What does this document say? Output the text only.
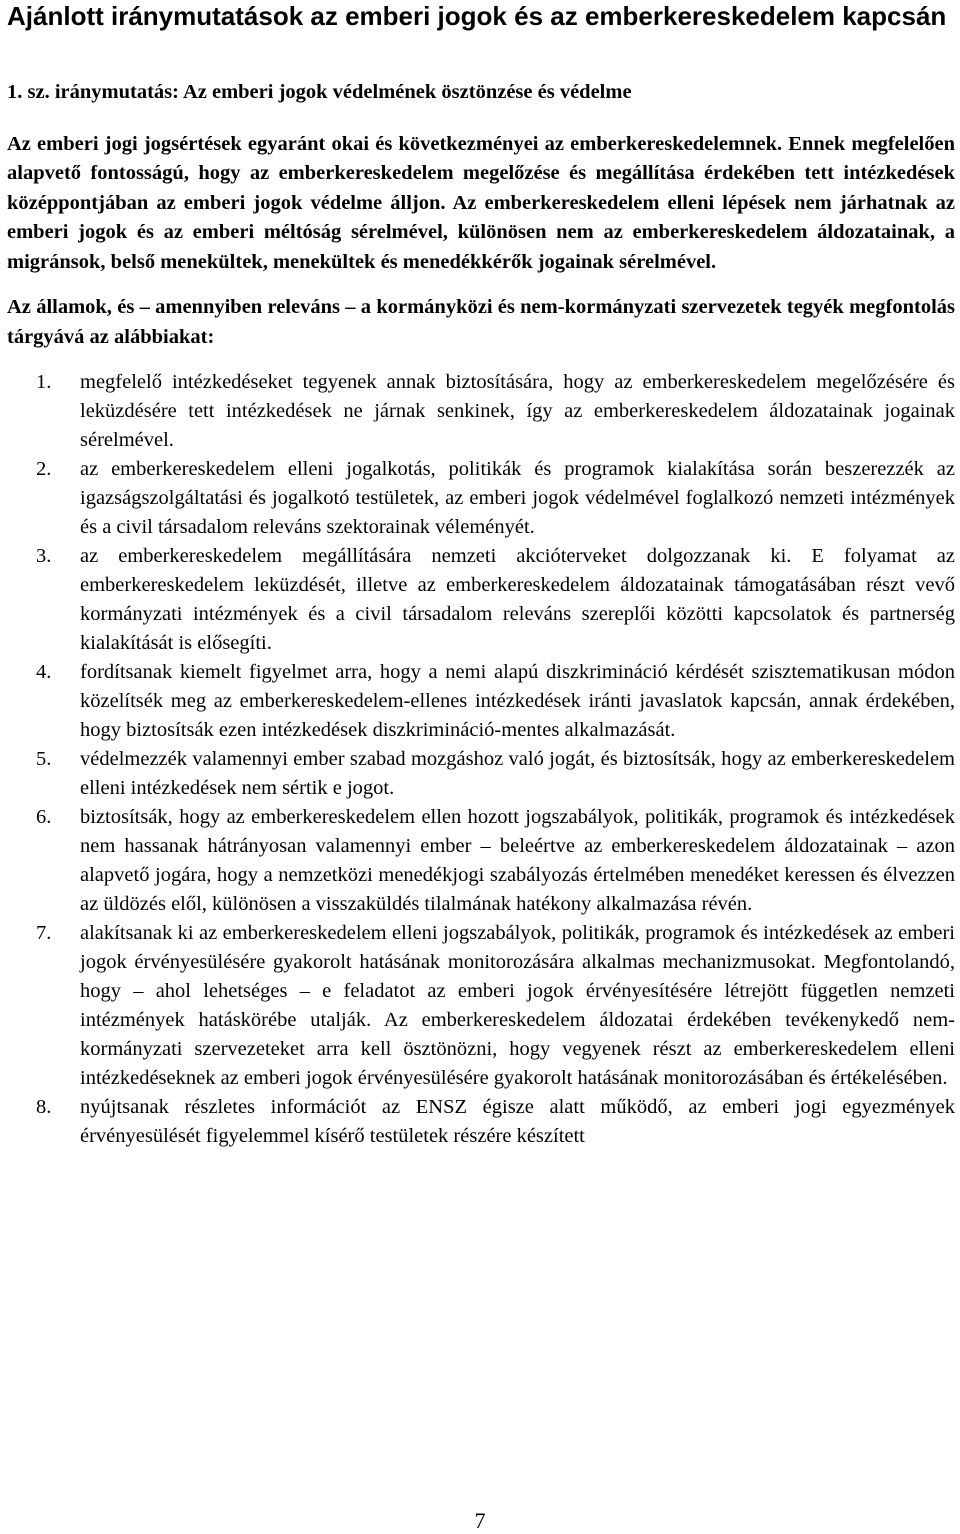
Ajánlott iránymutatások az emberi jogok és az emberkereskedelem kapcsán

1. sz. iránymutatás: Az emberi jogok védelmének ösztönzése és védelme

Az emberi jogi jogsértések egyaránt okai és következményei az emberkereskedelemnek. Ennek megfelelően alapvető fontosságú, hogy az emberkereskedelem megelőzése és megállítása érdekében tett intézkedések középpontjában az emberi jogok védelme álljon. Az emberkereskedelem elleni lépések nem járhatnak az emberi jogok és az emberi méltóság sérelmével, különösen nem az emberkereskedelem áldozatainak, a migránsok, belső menekültek, menekültek és menedékkérők jogainak sérelmével.

Az államok, és – amennyiben releváns – a kormányközi és nem-kormányzati szervezetek tegyék megfontolás tárgyává az alábbiakat:

1. megfelelő intézkedéseket tegyenek annak biztosítására, hogy az emberkereskedelem megelőzésére és leküzdésére tett intézkedések ne járnak senkinek, így az emberkereskedelem áldozatainak jogainak sérelmével.
2. az emberkereskedelem elleni jogalkotás, politikák és programok kialakítása során beszerezzék az igazságszolgáltatási és jogalkotó testületek, az emberi jogok védelmével foglalkozó nemzeti intézmények és a civil társadalom releváns szektorainak véleményét.
3. az emberkereskedelem megállítására nemzeti akcióterveket dolgozzanak ki. E folyamat az emberkereskedelem leküzdését, illetve az emberkereskedelem áldozatainak támogatásában részt vevő kormányzati intézmények és a civil társadalom releváns szereplői közötti kapcsolatok és partnerség kialakítását is elősegíti.
4. fordítsanak kiemelt figyelmet arra, hogy a nemi alapú diszkrimináció kérdését szisztematikusan módon közelítsék meg az emberkereskedelem-ellenes intézkedések iránti javaslatok kapcsán, annak érdekében, hogy biztosítsák ezen intézkedések diszkrimináció-mentes alkalmazását.
5. védelmezzék valamennyi ember szabad mozgáshoz való jogát, és biztosítsák, hogy az emberkereskedelem elleni intézkedések nem sértik e jogot.
6. biztosítsák, hogy az emberkereskedelem ellen hozott jogszabályok, politikák, programok és intézkedések nem hassanak hátrányosan valamennyi ember – beleértve az emberkereskedelem áldozatainak – azon alapvető jogára, hogy a nemzetközi menedékjogi szabályozás értelmében menedéket keressen és élvezzen az üldözés elől, különösen a visszaküldés tilalmának hatékony alkalmazása révén.
7. alakítsanak ki az emberkereskedelem elleni jogszabályok, politikák, programok és intézkedések az emberi jogok érvényesülésére gyakorolt hatásának monitorozására alkalmas mechanizmusokat. Megfontolandó, hogy – ahol lehetséges – e feladatot az emberi jogok érvényesítésére létrejött független nemzeti intézmények hatáskörébe utalják. Az emberkereskedelem áldozatai érdekében tevékenykedő nem-kormányzati szervezeteket arra kell ösztönözni, hogy vegyenek részt az emberkereskedelem elleni intézkedéseknek az emberi jogok érvényesülésére gyakorolt hatásának monitorozásában és értékelésében.
8. nyújtsanak részletes információt az ENSZ égisze alatt működő, az emberi jogi egyezmények érvényesülését figyelemmel kísérő testületek részére készített
7
